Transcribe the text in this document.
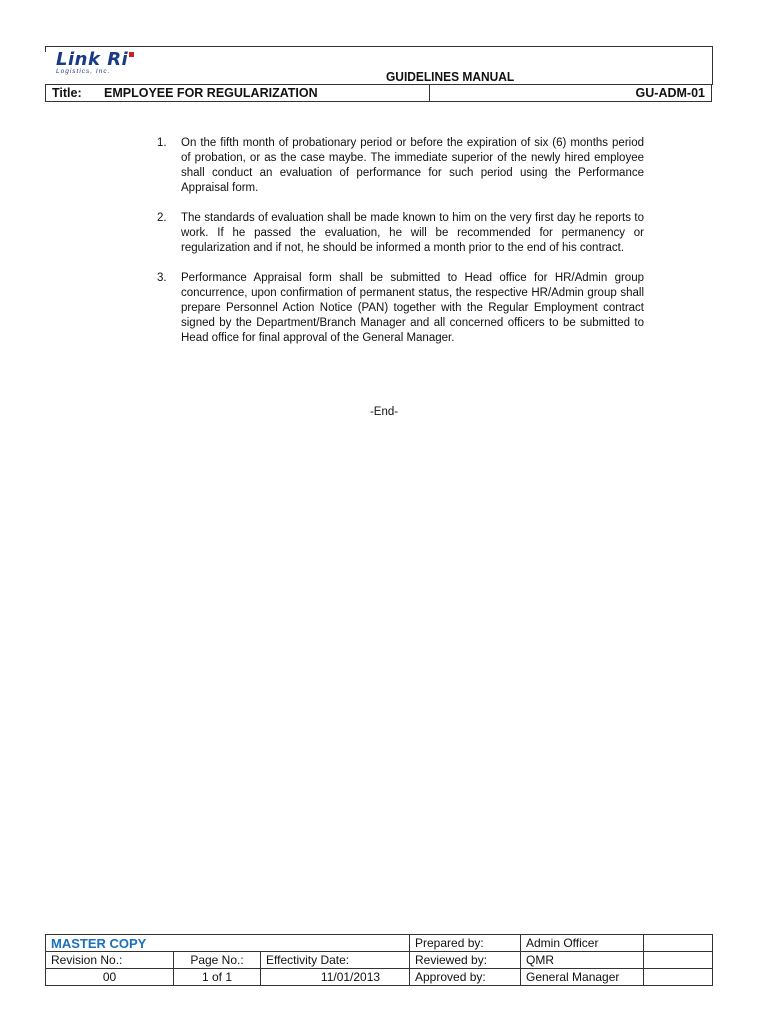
Link Ri
Logistics, Inc.	GUIDELINES MANUAL
Title: EMPLOYEE FOR REGULARIZATION	GU-ADM-01
1.	On the fifth month of probationary period or before the expiration of six (6) months period of probation, or as the case maybe. The immediate superior of the newly hired employee shall conduct an evaluation of performance for such period using the Performance Appraisal form.
2.	The standards of evaluation shall be made known to him on the very first day he reports to work. If he passed the evaluation, he will be recommended for permanency or regularization and if not, he should be informed a month prior to the end of his contract.
3.	Performance Appraisal form shall be submitted to Head office for HR/Admin group concurrence, upon confirmation of permanent status, the respective HR/Admin group shall prepare Personnel Action Notice (PAN) together with the Regular Employment contract signed by the Department/Branch Manager and all concerned officers to be submitted to Head office for final approval of the General Manager.
-End-
MASTER COPY			Prepared by:	Admin Officer	
Revision No.:	Page No.:	Effectivity Date:	Reviewed by:	QMR	
00	1 of 1	11/01/2013	Approved by:	General Manager	
